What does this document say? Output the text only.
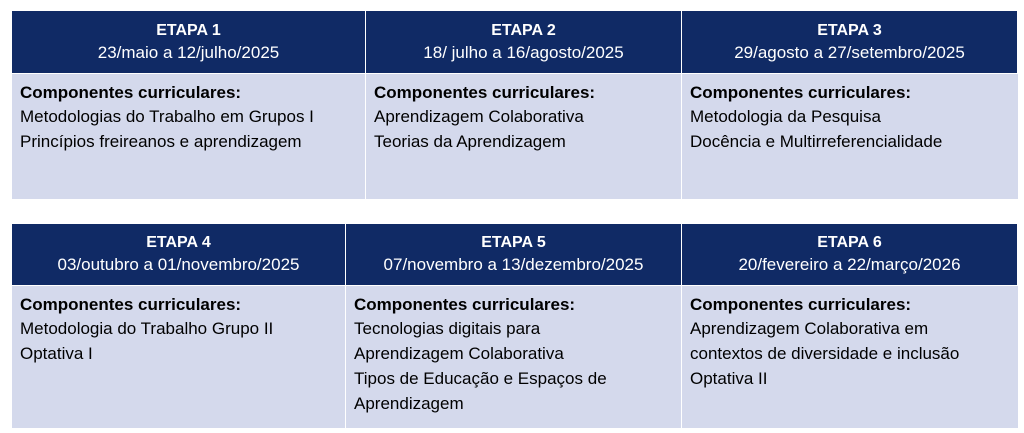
ETAPA 1
23/maio a 12/julho/2025
ETAPA 2
18/ julho a 16/agosto/2025
ETAPA 3
29/agosto a 27/setembro/2025
Componentes curriculares:
Metodologias do Trabalho em Grupos I
Princípios freireanos e aprendizagem
Componentes curriculares:
Aprendizagem Colaborativa
Teorias da Aprendizagem
Componentes curriculares:
Metodologia da Pesquisa
Docência e Multirreferencialidade
ETAPA 4
03/outubro a 01/novembro/2025
ETAPA 5
07/novembro a 13/dezembro/2025
ETAPA 6
20/fevereiro a 22/março/2026
Componentes curriculares:
Metodologia do Trabalho Grupo II
Optativa I
Componentes curriculares:
Tecnologias digitais para
Aprendizagem Colaborativa
Tipos de Educação e Espaços de
Aprendizagem
Componentes curriculares:
Aprendizagem Colaborativa em
contextos de diversidade e inclusão
Optativa II
